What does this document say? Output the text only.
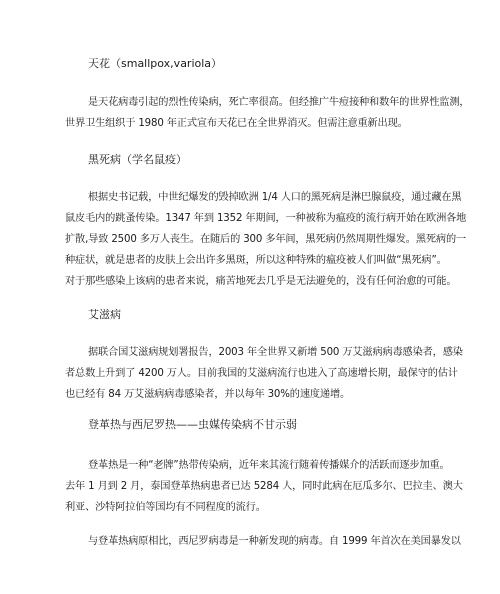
天花（smallpox,variola）
是天花病毒引起的烈性传染病，死亡率很高。但经推广牛痘接种和数年的世界性监测，
世界卫生组织于 1980 年正式宣布天花已在全世界消灭。但需注意重新出现。
黑死病（学名鼠疫）
根据史书记载，中世纪爆发的毁掉欧洲 1/4 人口的黑死病是淋巴腺鼠疫，通过藏在黑
鼠皮毛内的跳蚤传染。1347 年到 1352 年期间，一种被称为瘟疫的流行病开始在欧洲各地
扩散,导致 2500 多万人丧生。在随后的 300 多年间，黑死病仍然周期性爆发。黑死病的一
种症状，就是患者的皮肤上会出许多黑斑，所以这种特殊的瘟疫被人们叫做“黑死病”。
对于那些感染上该病的患者来说，痛苦地死去几乎是无法避免的，没有任何治愈的可能。
艾滋病
据联合国艾滋病规划署报告，2003 年全世界又新增 500 万艾滋病病毒感染者，感染
者总数上升到了 4200 万人。目前我国的艾滋病流行也进入了高速增长期，最保守的估计
也已经有 84 万艾滋病病毒感染者，并以每年 30%的速度递增。
登革热与西尼罗热——虫媒传染病不甘示弱
登革热是一种“老牌”热带传染病，近年来其流行随着传播媒介的活跃而逐步加重。
去年 1 月到 2 月，泰国登革热病患者已达 5284 人，同时此病在厄瓜多尔、巴拉圭、澳大
利亚、沙特阿拉伯等国均有不同程度的流行。
与登革热病原相比，西尼罗病毒是一种新发现的病毒。自 1999 年首次在美国暴发以
